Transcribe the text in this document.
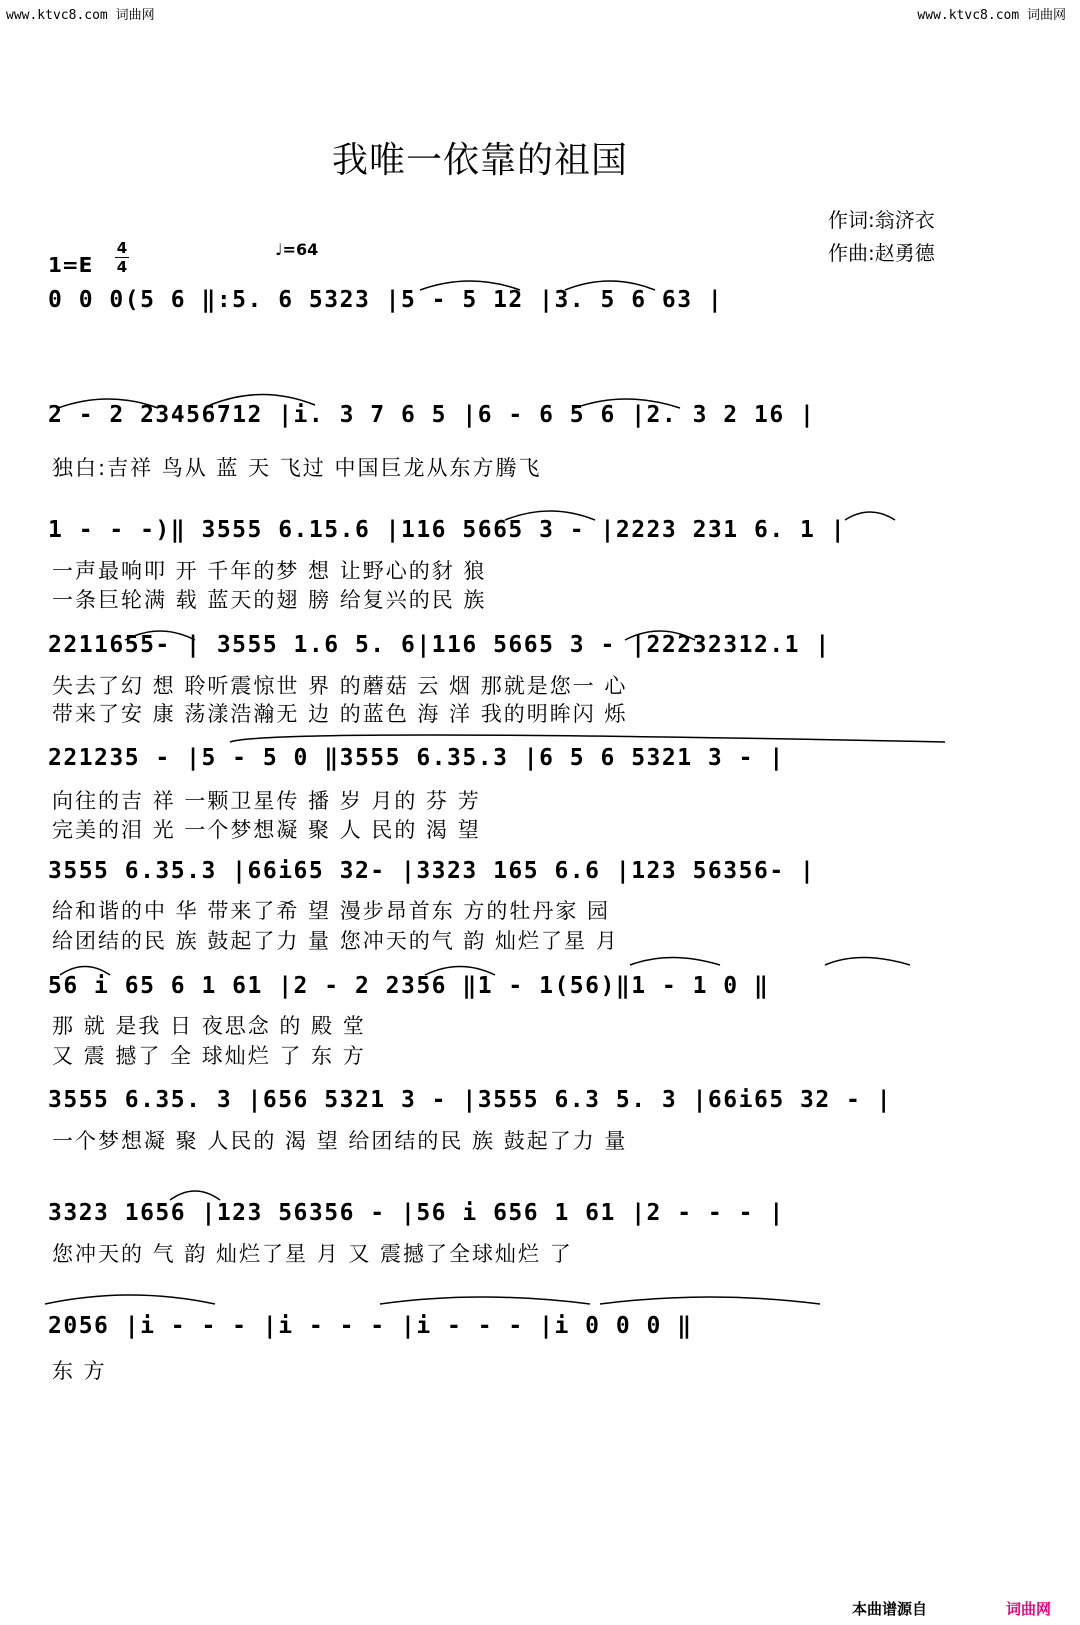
www.ktvc8.com 词曲网	www.ktvc8.com 词曲网
我唯一依靠的祖国
作词:翁济衣
作曲:赵勇德
1=E
4
4
♩=64
0 0 0(5 6 ‖:5. 6 5323 |5 - 5 12 |3. 5 6 63 |
2 - 2 23456712 |i. 3 7 6 5 |6 - 6 5 6 |2. 3 2 16 |
独白:吉祥 鸟从 蓝 天 飞过 中国巨龙从东方腾飞
1 - - -)‖ 3555 6.15.6 |116 5665 3 - |2223 231 6. 1 |
一声最响叩 开 千年的梦 想 让野心的豺 狼
一条巨轮满 载 蓝天的翅 膀 给复兴的民 族
2211655- | 3555 1.6 5. 6|116 5665 3 - |22232312.1 |
失去了幻 想 聆听震惊世 界 的蘑菇 云 烟 那就是您一 心
带来了安 康 荡漾浩瀚无 边 的蓝色 海 洋 我的明眸闪 烁
221235 - |5 - 5 0 ‖3555 6.35.3 |6 5 6 5321 3 - |
向往的吉 祥 一颗卫星传 播 岁 月的 芬 芳
完美的泪 光 一个梦想凝 聚 人 民的 渴 望
3555 6.35.3 |66i65 32- |3323 165 6.6 |123 56356- |
给和谐的中 华 带来了希 望 漫步昂首东 方的牡丹家 园
给团结的民 族 鼓起了力 量 您冲天的气 韵 灿烂了星 月
56 i 65 6 1 61 |2 - 2 2356 ‖1 - 1(56)‖1 - 1 0 ‖
那 就 是我 日 夜思念 的 殿 堂
又 震 撼了 全 球灿烂 了 东 方
3555 6.35. 3 |656 5321 3 - |3555 6.3 5. 3 |66i65 32 - |
一个梦想凝 聚 人民的 渴 望 给团结的民 族 鼓起了力 量
3323 1656 |123 56356 - |56 i 656 1 61 |2 - - - |
您冲天的 气 韵 灿烂了星 月 又 震撼了全球灿烂 了
2056 |i - - - |i - - - |i - - - |i 0 0 0 ‖
东 方
本曲谱源自	词曲网
